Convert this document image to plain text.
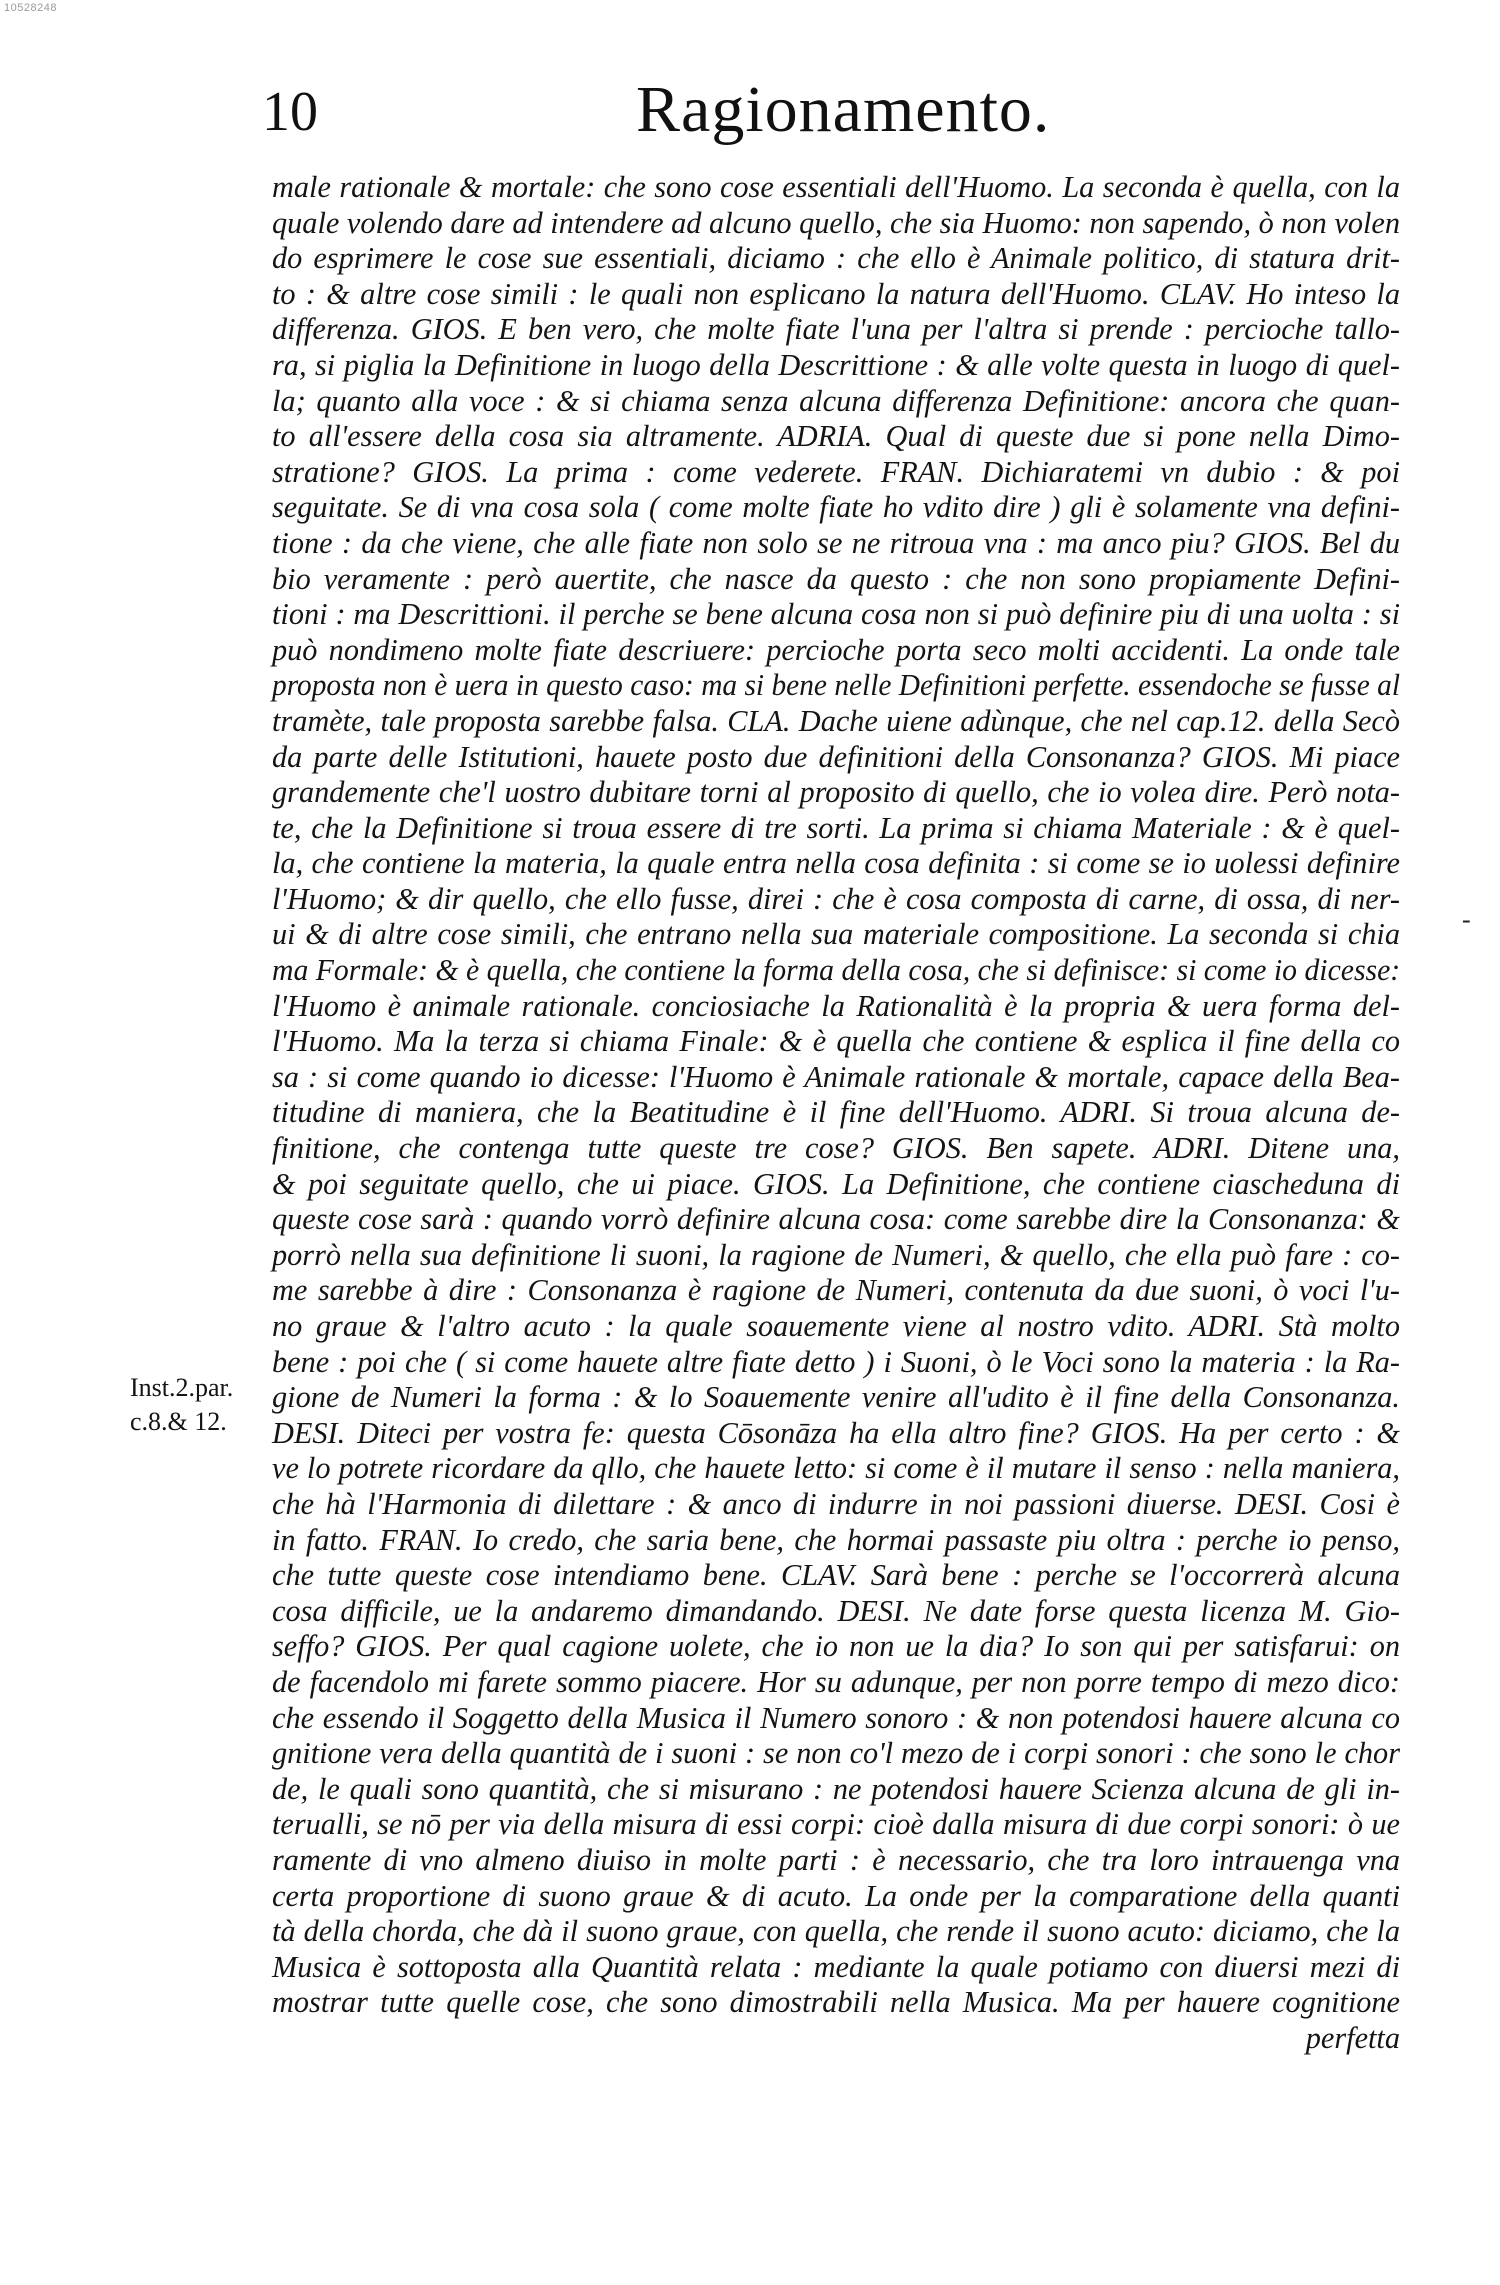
10528248
10	Ragionamento.
Inst.2.par.
c.8.& 12.
-
male rationale & mortale: che sono cose essentiali dell'Huomo. La seconda è quella, con la
quale volendo dare ad intendere ad alcuno quello, che sia Huomo: non sapendo, ò non volen
do esprimere le cose sue essentiali, diciamo : che ello è Animale politico, di statura drit-
to : & altre cose simili : le quali non esplicano la natura dell'Huomo. CLAV. Ho inteso la
differenza. GIOS. E ben vero, che molte fiate l'una per l'altra si prende : percioche tallo-
ra, si piglia la Definitione in luogo della Descrittione : & alle volte questa in luogo di quel-
la; quanto alla voce : & si chiama senza alcuna differenza Definitione: ancora che quan-
to all'essere della cosa sia altramente. ADRIA. Qual di queste due si pone nella Dimo-
stratione? GIOS. La prima : come vederete. FRAN. Dichiaratemi vn dubio : & poi
seguitate. Se di vna cosa sola ( come molte fiate ho vdito dire ) gli è solamente vna defini-
tione : da che viene, che alle fiate non solo se ne ritroua vna : ma anco piu? GIOS. Bel du
bio veramente : però auertite, che nasce da questo : che non sono propiamente Defini-
tioni : ma Descrittioni. il perche se bene alcuna cosa non si può definire piu di una uolta : si
può nondimeno molte fiate descriuere: percioche porta seco molti accidenti. La onde tale
proposta non è uera in questo caso: ma si bene nelle Definitioni perfette. essendoche se fusse al
tramète, tale proposta sarebbe falsa. CLA. Dache uiene adùnque, che nel cap.12. della Secò
da parte delle Istitutioni, hauete posto due definitioni della Consonanza? GIOS. Mi piace
grandemente che'l uostro dubitare torni al proposito di quello, che io volea dire. Però nota-
te, che la Definitione si troua essere di tre sorti. La prima si chiama Materiale : & è quel-
la, che contiene la materia, la quale entra nella cosa definita : si come se io uolessi definire
l'Huomo; & dir quello, che ello fusse, direi : che è cosa composta di carne, di ossa, di ner-
ui & di altre cose simili, che entrano nella sua materiale compositione. La seconda si chia
ma Formale: & è quella, che contiene la forma della cosa, che si definisce: si come io dicesse:
l'Huomo è animale rationale. conciosiache la Rationalità è la propria & uera forma del-
l'Huomo. Ma la terza si chiama Finale: & è quella che contiene & esplica il fine della co
sa : si come quando io dicesse: l'Huomo è Animale rationale & mortale, capace della Bea-
titudine di maniera, che la Beatitudine è il fine dell'Huomo. ADRI. Si troua alcuna de-
finitione, che contenga tutte queste tre cose? GIOS. Ben sapete. ADRI. Ditene una,
& poi seguitate quello, che ui piace. GIOS. La Definitione, che contiene ciascheduna di
queste cose sarà : quando vorrò definire alcuna cosa: come sarebbe dire la Consonanza: &
porrò nella sua definitione li suoni, la ragione de Numeri, & quello, che ella può fare : co-
me sarebbe à dire : Consonanza è ragione de Numeri, contenuta da due suoni, ò voci l'u-
no graue & l'altro acuto : la quale soauemente viene al nostro vdito. ADRI. Stà molto
bene : poi che ( si come hauete altre fiate detto ) i Suoni, ò le Voci sono la materia : la Ra-
gione de Numeri la forma : & lo Soauemente venire all'udito è il fine della Consonanza.
DESI. Diteci per vostra fe: questa Cōsonāza ha ella altro fine? GIOS. Ha per certo : &
ve lo potrete ricordare da qllo, che hauete letto: si come è il mutare il senso : nella maniera,
che hà l'Harmonia di dilettare : & anco di indurre in noi passioni diuerse. DESI. Cosi è
in fatto. FRAN. Io credo, che saria bene, che hormai passaste piu oltra : perche io penso,
che tutte queste cose intendiamo bene. CLAV. Sarà bene : perche se l'occorrerà alcuna
cosa difficile, ue la andaremo dimandando. DESI. Ne date forse questa licenza M. Gio-
seffo? GIOS. Per qual cagione uolete, che io non ue la dia? Io son qui per satisfarui: on
de facendolo mi farete sommo piacere. Hor su adunque, per non porre tempo di mezo dico:
che essendo il Soggetto della Musica il Numero sonoro : & non potendosi hauere alcuna co
gnitione vera della quantità de i suoni : se non co'l mezo de i corpi sonori : che sono le chor
de, le quali sono quantità, che si misurano : ne potendosi hauere Scienza alcuna de gli in-
terualli, se nō per via della misura di essi corpi: cioè dalla misura di due corpi sonori: ò ue
ramente di vno almeno diuiso in molte parti : è necessario, che tra loro intrauenga vna
certa proportione di suono graue & di acuto. La onde per la comparatione della quanti
tà della chorda, che dà il suono graue, con quella, che rende il suono acuto: diciamo, che la
Musica è sottoposta alla Quantità relata : mediante la quale potiamo con diuersi mezi di
mostrar tutte quelle cose, che sono dimostrabili nella Musica. Ma per hauere cognitione
perfetta
